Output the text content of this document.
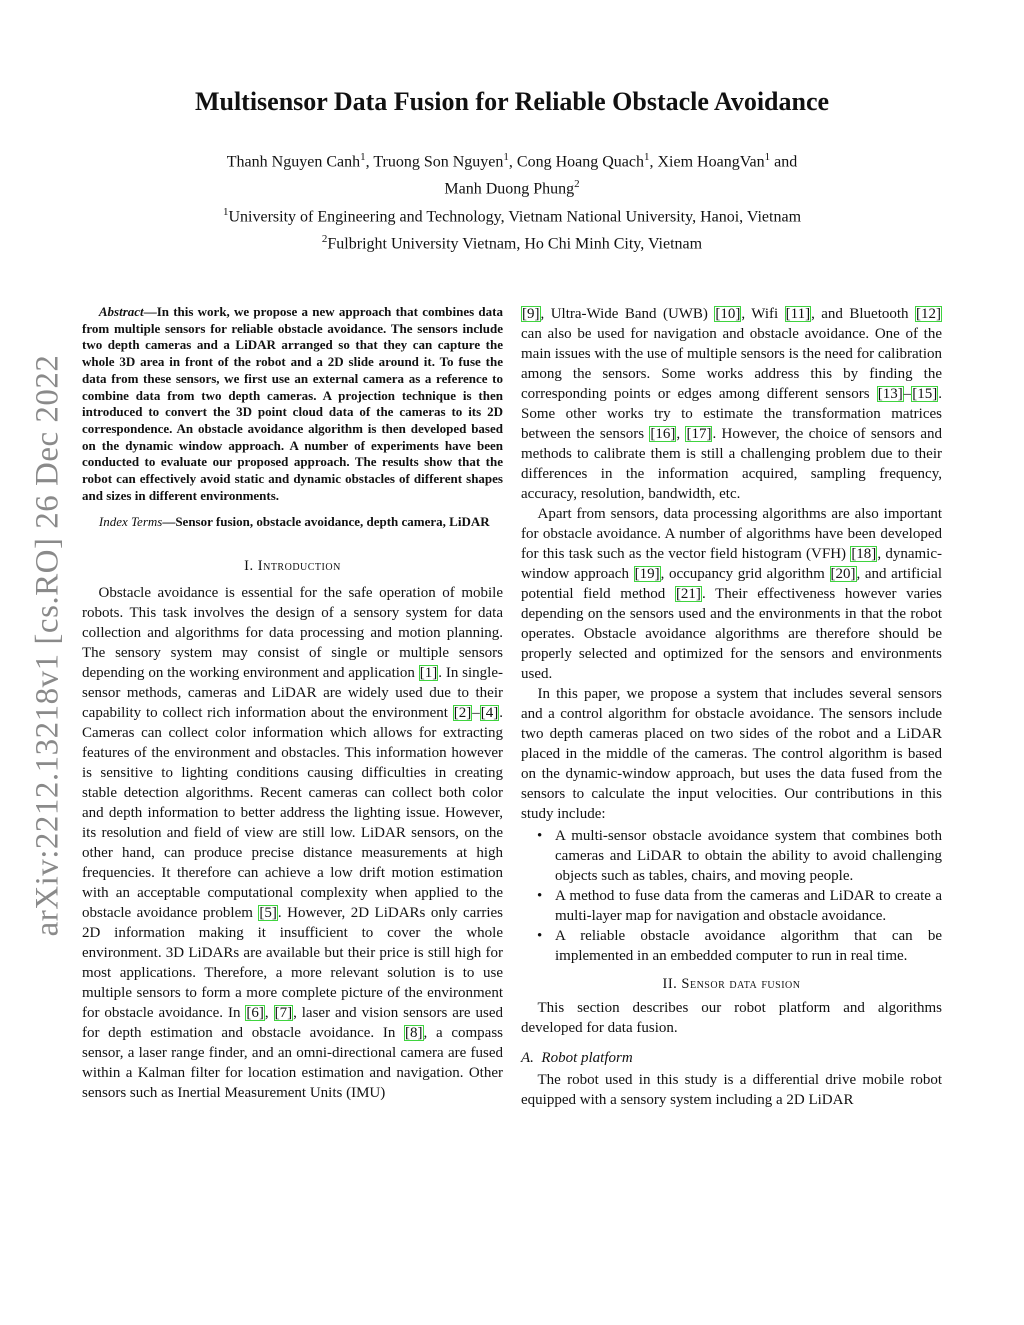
arXiv:2212.13218v1 [cs.RO] 26 Dec 2022
Multisensor Data Fusion for Reliable Obstacle Avoidance
Thanh Nguyen Canh$^1$, Truong Son Nguyen$^1$, Cong Hoang Quach$^1$, Xiem HoangVan$^1$ and
Manh Duong Phung$^2$
$^1$University of Engineering and Technology, Vietnam National University, Hanoi, Vietnam
$^2$Fulbright University Vietnam, Ho Chi Minh City, Vietnam

Abstract—In this work, we propose a new approach that combines data from multiple sensors for reliable obstacle avoidance. The sensors include two depth cameras and a LiDAR arranged so that they can capture the whole 3D area in front of the robot and a 2D slide around it. To fuse the data from these sensors, we first use an external camera as a reference to combine data from two depth cameras. A projection technique is then introduced to convert the 3D point cloud data of the cameras to its 2D correspondence. An obstacle avoidance algorithm is then developed based on the dynamic window approach. A number of experiments have been conducted to evaluate our proposed approach. The results show that the robot can effectively avoid static and dynamic obstacles of different shapes and sizes in different environments.

Index Terms—Sensor fusion, obstacle avoidance, depth camera, LiDAR

I. Introduction

Obstacle avoidance is essential for the safe operation of mobile robots. This task involves the design of a sensory system for data collection and algorithms for data processing and motion planning. The sensory system may consist of single or multiple sensors depending on the working environment and application [1]. In single-sensor methods, cameras and LiDAR are widely used due to their capability to collect rich information about the environment [2]–[4]. Cameras can collect color information which allows for extracting features of the environment and obstacles. This information however is sensitive to lighting conditions causing difficulties in creating stable detection algorithms. Recent cameras can collect both color and depth information to better address the lighting issue. However, its resolution and field of view are still low. LiDAR sensors, on the other hand, can produce precise distance measurements at high frequencies. It therefore can achieve a low drift motion estimation with an acceptable computational complexity when applied to the obstacle avoidance problem [5]. However, 2D LiDARs only carries 2D information making it insufficient to cover the whole environment. 3D LiDARs are available but their price is still high for most applications. Therefore, a more relevant solution is to use multiple sensors to form a more complete picture of the environment for obstacle avoidance. In [6], [7], laser and vision sensors are used for depth estimation and obstacle avoidance. In [8], a compass sensor, a laser range finder, and an omni-directional camera are fused within a Kalman filter for location estimation and navigation. Other sensors such as Inertial Measurement Units (IMU)

[9], Ultra-Wide Band (UWB) [10], Wifi [11], and Bluetooth [12] can also be used for navigation and obstacle avoidance. One of the main issues with the use of multiple sensors is the need for calibration among the sensors. Some works address this by finding the corresponding points or edges among different sensors [13]–[15]. Some other works try to estimate the transformation matrices between the sensors [16], [17]. However, the choice of sensors and methods to calibrate them is still a challenging problem due to their differences in the information acquired, sampling frequency, accuracy, resolution, bandwidth, etc.

Apart from sensors, data processing algorithms are also important for obstacle avoidance. A number of algorithms have been developed for this task such as the vector field histogram (VFH) [18], dynamic-window approach [19], occupancy grid algorithm [20], and artificial potential field method [21]. Their effectiveness however varies depending on the sensors used and the environments in that the robot operates. Obstacle avoidance algorithms are therefore should be properly selected and optimized for the sensors and environments used.

In this paper, we propose a system that includes several sensors and a control algorithm for obstacle avoidance. The sensors include two depth cameras placed on two sides of the robot and a LiDAR placed in the middle of the cameras. The control algorithm is based on the dynamic-window approach, but uses the data fused from the sensors to calculate the input velocities. Our contributions in this study include:

• A multi-sensor obstacle avoidance system that combines both cameras and LiDAR to obtain the ability to avoid challenging objects such as tables, chairs, and moving people.
• A method to fuse data from the cameras and LiDAR to create a multi-layer map for navigation and obstacle avoidance.
• A reliable obstacle avoidance algorithm that can be implemented in an embedded computer to run in real time.
II. Sensor data fusion

This section describes our robot platform and algorithms developed for data fusion.

A. Robot platform

The robot used in this study is a differential drive mobile robot equipped with a sensory system including a 2D LiDAR
